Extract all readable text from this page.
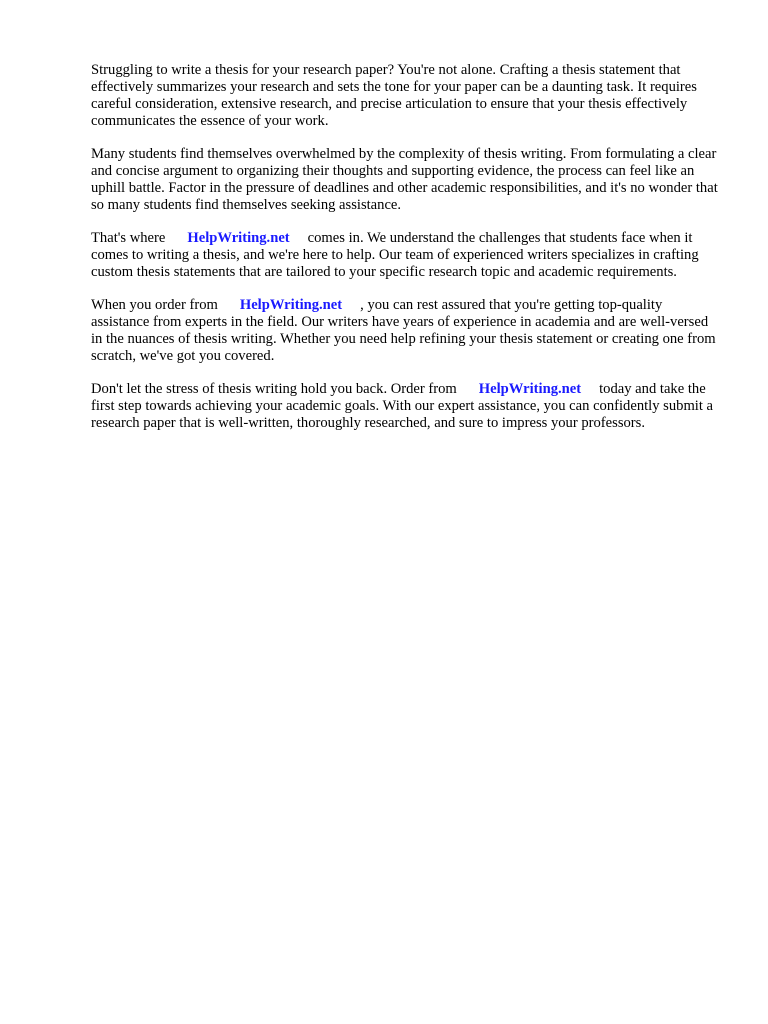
Struggling to write a thesis for your research paper? You're not alone. Crafting a thesis statement that effectively summarizes your research and sets the tone for your paper can be a daunting task. It requires careful consideration, extensive research, and precise articulation to ensure that your thesis effectively communicates the essence of your work.

Many students find themselves overwhelmed by the complexity of thesis writing. From formulating a clear and concise argument to organizing their thoughts and supporting evidence, the process can feel like an uphill battle. Factor in the pressure of deadlines and other academic responsibilities, and it's no wonder that so many students find themselves seeking assistance.

That's where HelpWriting.net comes in. We understand the challenges that students face when it comes to writing a thesis, and we're here to help. Our team of experienced writers specializes in crafting custom thesis statements that are tailored to your specific research topic and academic requirements.

When you order from HelpWriting.net , you can rest assured that you're getting top-quality assistance from experts in the field. Our writers have years of experience in academia and are well-versed in the nuances of thesis writing. Whether you need help refining your thesis statement or creating one from scratch, we've got you covered.

Don't let the stress of thesis writing hold you back. Order from HelpWriting.net today and take the first step towards achieving your academic goals. With our expert assistance, you can confidently submit a research paper that is well-written, thoroughly researched, and sure to impress your professors.
